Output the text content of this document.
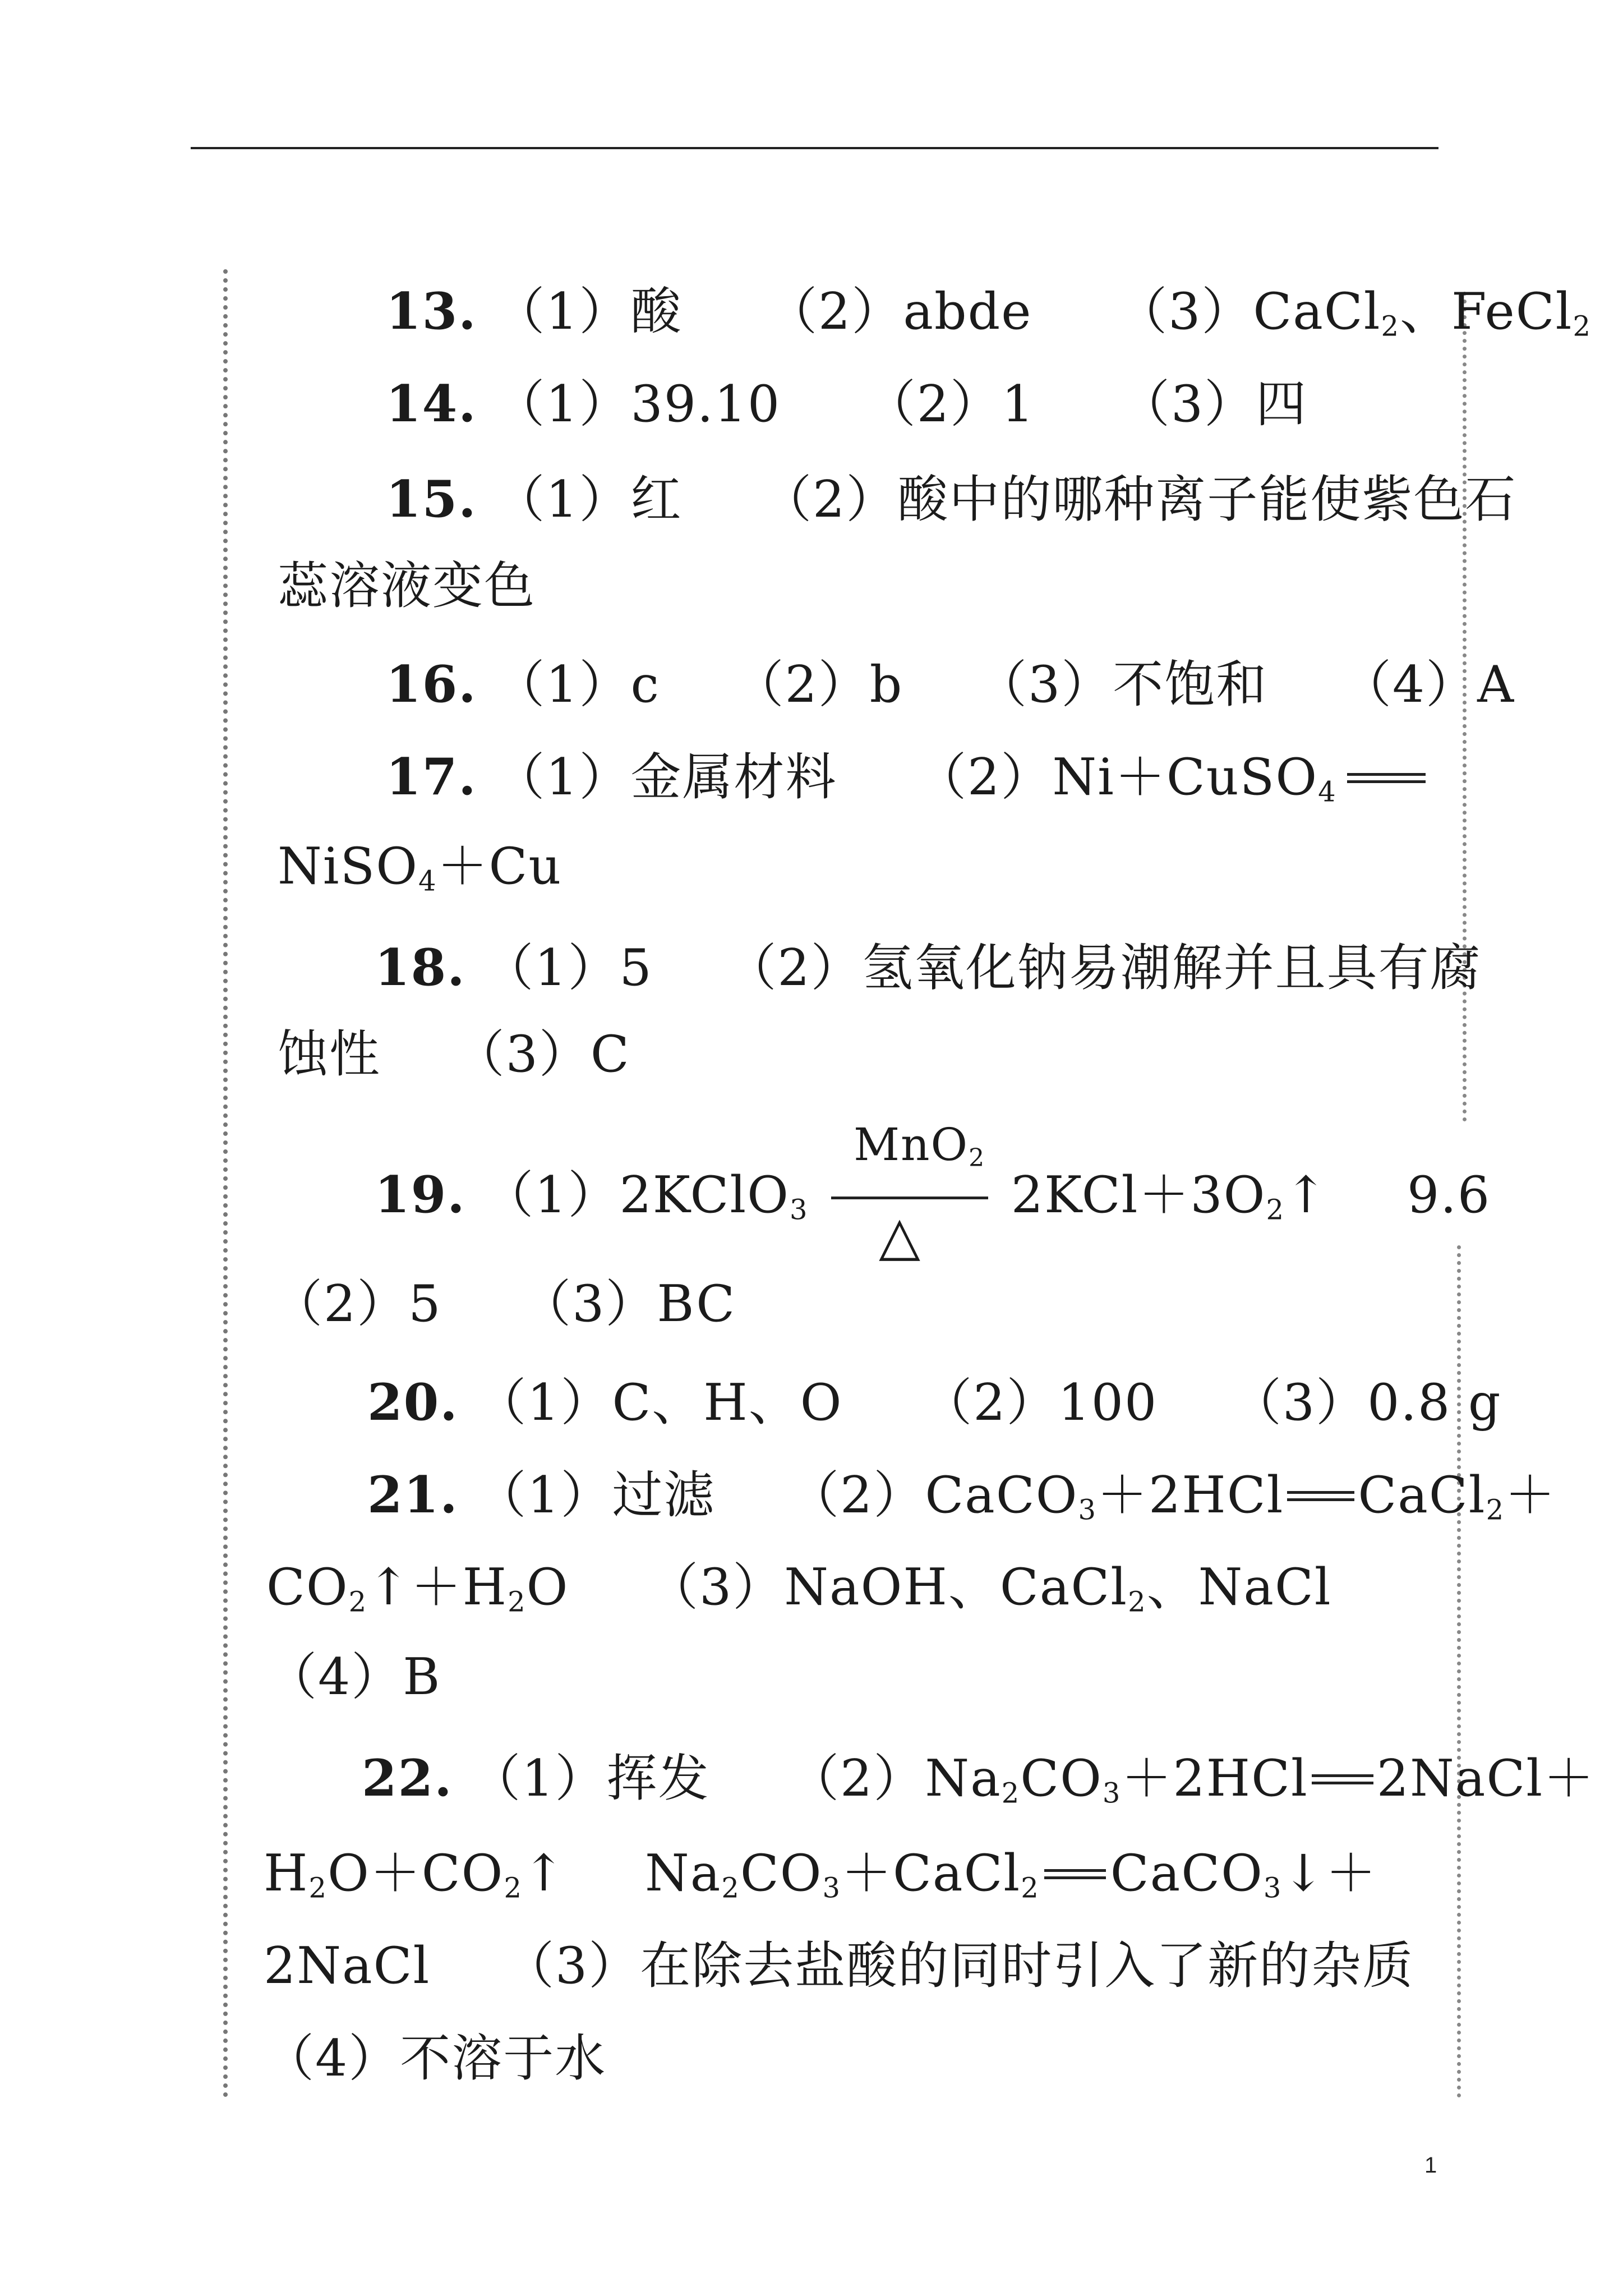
13. （1）酸 （2）abde （3）CaCl$_2$、FeCl$_2$
14. （1）39.10 （2）1 （3）四
15. （1）红 （2）酸中的哪种离子能使紫色石
蕊溶液变色
16. （1）c （2）b （3）不饱和 （4）A
17. （1）金属材料 （2）Ni＋CuSO$_4$
NiSO$_4$＋Cu
18. （1）5 （2）氢氧化钠易潮解并且具有腐
蚀性 （3）C
19. （1）2KClO$_3$
MnO$_2$
△
$2KCl+3O_2↑$ 9.6
（2）5 （3）BC
20. （1）C、H、O （2）100 （3）0.8 g
21. （1）过滤 （2）CaCO$_3$＋2HCl CaCl$_2$＋
$CO_2↑+H_2O$ （3）NaOH、CaCl$_2$、NaCl
（4）B
22. （1）挥发 $(2)Na_2CO_3+2HCl$ 2NaCl＋
$H_2O+CO_2↑$ $Na_2CO_3+CaCl_2$ CaCO$_3$↓＋
2NaCl （3）在除去盐酸的同时引入了新的杂质
（4）不溶于水
1
